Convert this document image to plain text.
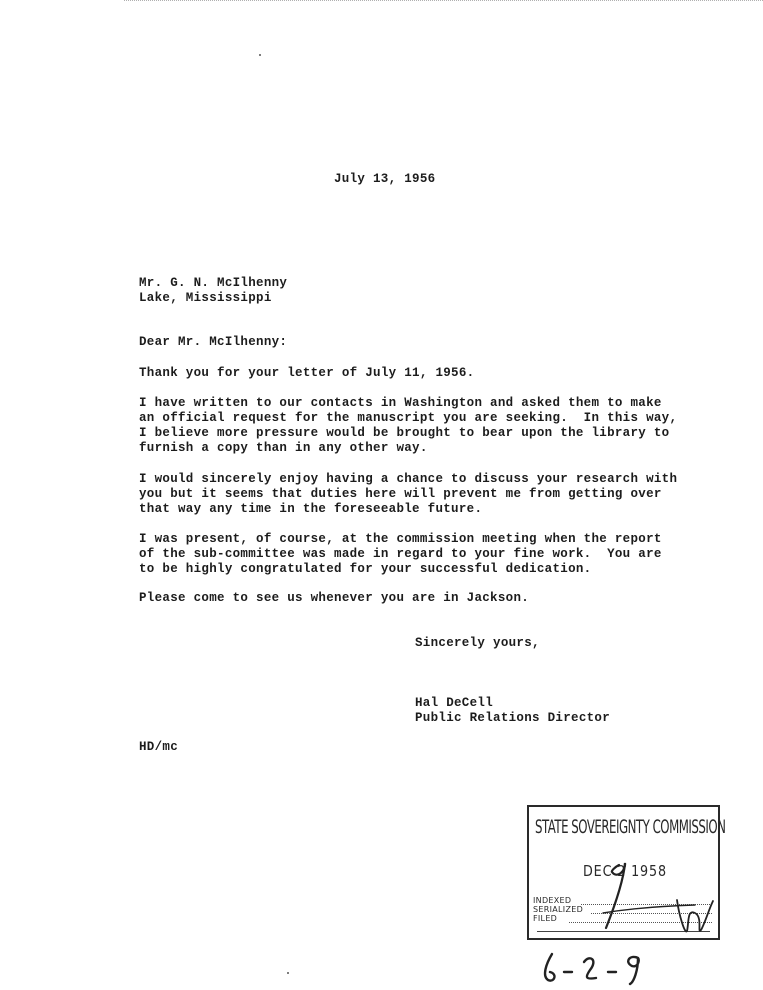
July 13, 1956
Mr. G. N. McIlhenny
Lake, Mississippi
Dear Mr. McIlhenny:
Thank you for your letter of July 11, 1956.
I have written to our contacts in Washington and asked them to make
an official request for the manuscript you are seeking.  In this way,
I believe more pressure would be brought to bear upon the library to
furnish a copy than in any other way.
I would sincerely enjoy having a chance to discuss your research with
you but it seems that duties here will prevent me from getting over
that way any time in the foreseeable future.
I was present, of course, at the commission meeting when the report
of the sub-committee was made in regard to your fine work.  You are
to be highly congratulated for your successful dedication.
Please come to see us whenever you are in Jackson.
Sincerely yours,
Hal DeCell
Public Relations Director
HD/mc
STATE SOVEREIGNTY COMMISSION
DEC 2 1958
INDEXED
SERIALIZED
FILED
